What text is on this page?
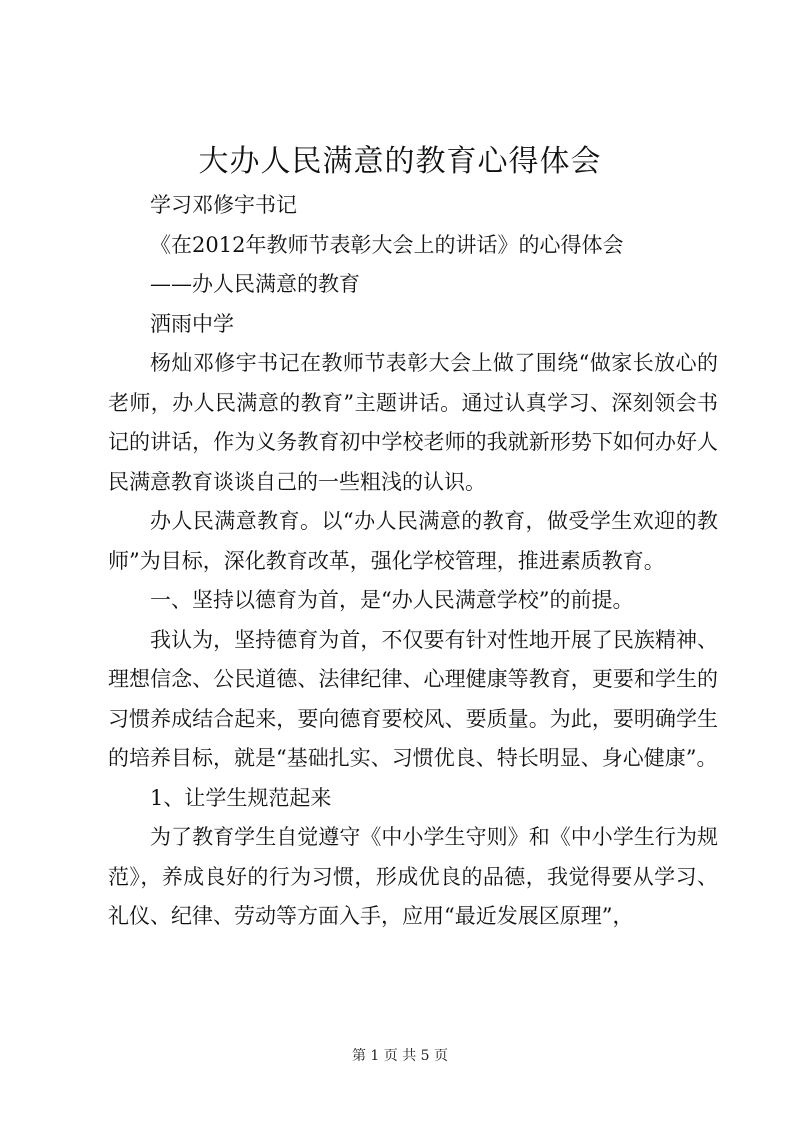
大办人民满意的教育心得体会

学习邓修宇书记

《在2012年教师节表彰大会上的讲话》的心得体会

——办人民满意的教育

洒雨中学

杨灿邓修宇书记在教师节表彰大会上做了围绕“做家长放心的老师，办人民满意的教育”主题讲话。通过认真学习、深刻领会书记的讲话，作为义务教育初中学校老师的我就新形势下如何办好人民满意教育谈谈自己的一些粗浅的认识。

办人民满意教育。以“办人民满意的教育，做受学生欢迎的教师”为目标，深化教育改革，强化学校管理，推进素质教育。

一、坚持以德育为首，是“办人民满意学校”的前提。

我认为，坚持德育为首，不仅要有针对性地开展了民族精神、理想信念、公民道德、法律纪律、心理健康等教育，更要和学生的习惯养成结合起来，要向德育要校风、要质量。为此，要明确学生的培养目标，就是“基础扎实、习惯优良、特长明显、身心健康”。

1、让学生规范起来

为了教育学生自觉遵守《中小学生守则》和《中小学生行为规范》，养成良好的行为习惯，形成优良的品德，我觉得要从学习、礼仪、纪律、劳动等方面入手，应用“最近发展区原理”，

第 1 页 共 5 页
